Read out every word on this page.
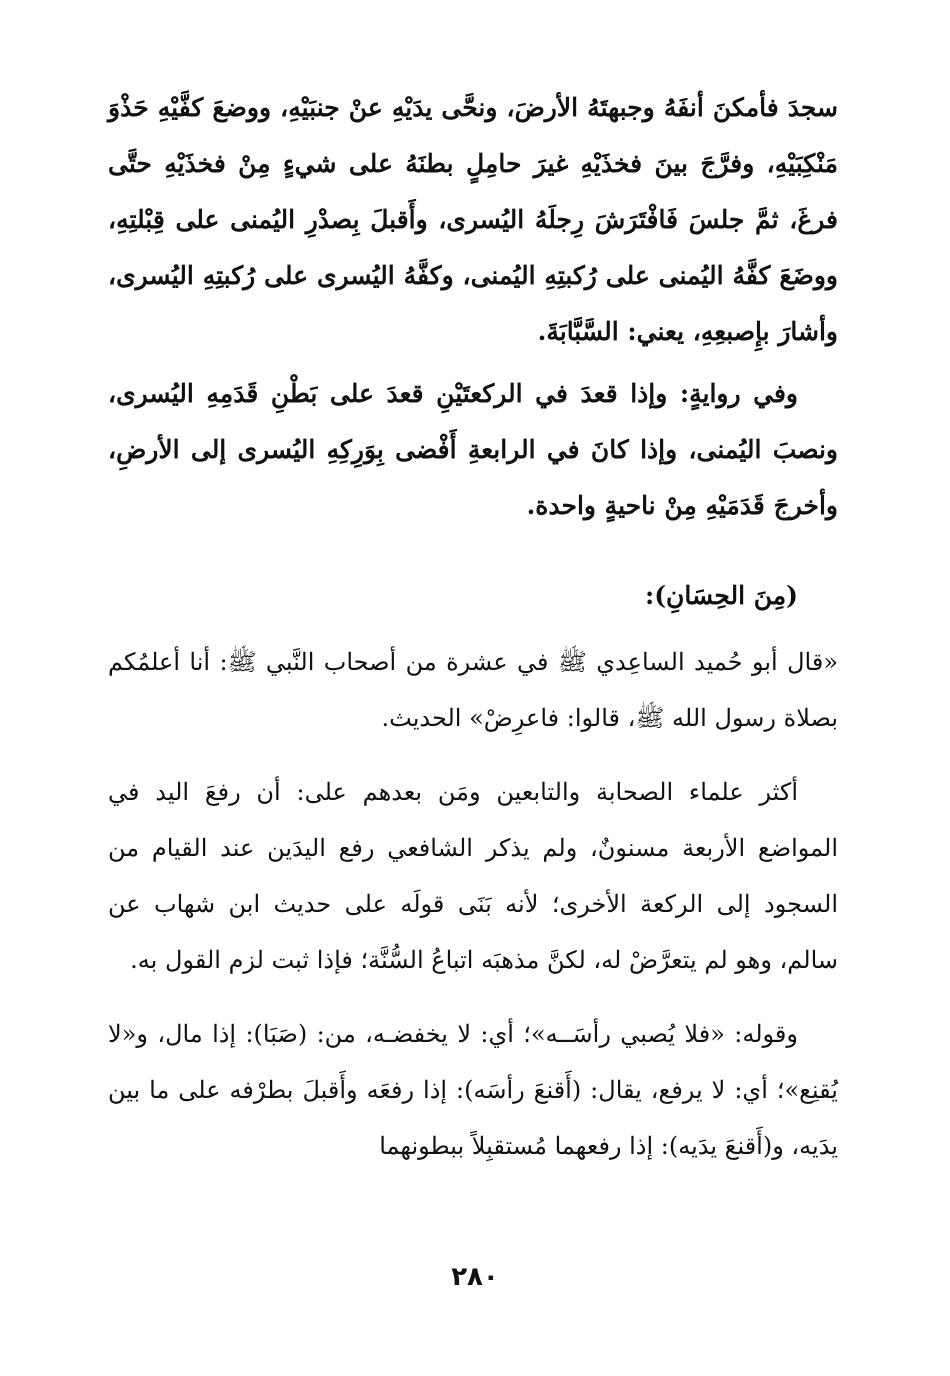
سجدَ فأمكنَ أنفَهُ وجبهتَهُ الأرضَ، ونحَّى يدَيْهِ عنْ جنبَيْهِ، ووضعَ كفَّيْهِ حَذْوَ مَنْكِبَيْهِ، وفرَّجَ بينَ فخذَيْهِ غيرَ حامِلٍ بطنَهُ على شيءٍ مِنْ فخذَيْهِ حتَّى فرغَ، ثمَّ جلسَ فَافْتَرَشَ رِجلَهُ اليُسرى، وأَقبلَ بِصدْرِ اليُمنى على قِبْلتِهِ، ووضَعَ كفَّهُ اليُمنى على رُكبتِهِ اليُمنى، وكفَّهُ اليُسرى على رُكبتِهِ اليُسرى، وأشارَ بإِصبعِهِ، يعني: السَّبَّابَةَ.

وفي روايةٍ: وإذا قعدَ في الركعتَيْنِ قعدَ على بَطْنِ قَدَمِهِ اليُسرى، ونصبَ اليُمنى، وإذا كانَ في الرابعةِ أَفْضى بِوَرِكِهِ اليُسرى إلى الأرضِ، وأخرجَ قَدَمَيْهِ مِنْ ناحيةٍ واحدة.

(مِنَ الحِسَانِ):

«قال أبو حُميد الساعِدي ﷺ في عشرة من أصحاب النَّبي ﷺ: أنا أعلمُكم بصلاة رسول الله ﷺ، قالوا: فاعرِضْ» الحديث.

أكثر علماء الصحابة والتابعين ومَن بعدهم على: أن رفعَ اليد في المواضع الأربعة مسنونٌ، ولم يذكر الشافعي رفع اليدَين عند القيام من السجود إلى الركعة الأخرى؛ لأنه بَنَى قولَه على حديث ابن شهاب عن سالم، وهو لم يتعرَّضْ له، لكنَّ مذهبَه اتباعُ السُّنَّة؛ فإذا ثبت لزم القول به.

وقوله: «فلا يُصبي رأسَــه»؛ أي: لا يخفضـه، من: (صَبَا): إذا مال، و«لا يُقنِع»؛ أي: لا يرفع، يقال: (أَقنعَ رأسَه): إذا رفعَه وأَقبلَ بطرْفه على ما بين يدَيه، و(أَقنعَ يدَيه): إذا رفعهما مُستقبِلاً ببطونهما

٢٨٠
